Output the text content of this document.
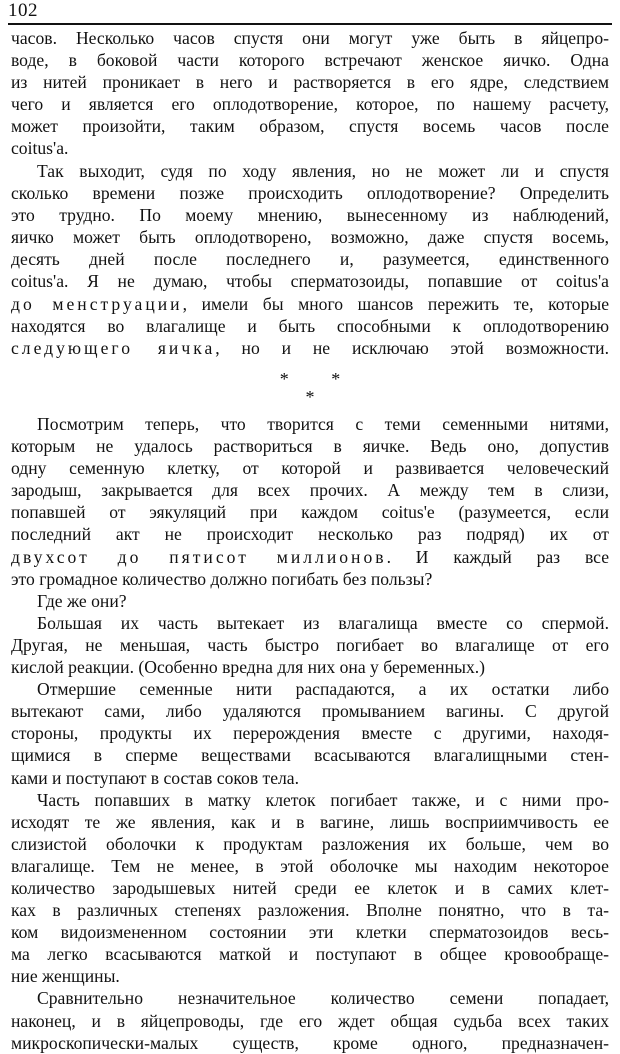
102
часов. Несколько часов спустя они могут уже быть в яйцепро-
воде, в боковой части которого встречают женское яичко. Одна
из нитей проникает в него и растворяется в его ядре, следствием
чего и является его оплодотворение, которое, по нашему расчету,
может произойти, таким образом, спустя восемь часов после
coitus'a.
Так выходит, судя по ходу явления, но не может ли и спустя
сколько времени позже происходить оплодотворение? Определить
это трудно. По моему мнению, вынесенному из наблюдений,
яичко может быть оплодотворено, возможно, даже спустя восемь,
десять дней после последнего и, разумеется, единственного
coitus'a. Я не думаю, чтобы сперматозоиды, попавшие от coitus'a
до менструации, имели бы много шансов пережить те, которые
находятся во влагалище и быть способными к оплодотворению
следующего яичка, но и не исключаю этой возможности.
* *
*
Посмотрим теперь, что творится с теми семенными нитями,
которым не удалось раствориться в яичке. Ведь оно, допустив
одну семенную клетку, от которой и развивается человеческий
зародыш, закрывается для всех прочих. А между тем в слизи,
попавшей от эякуляций при каждом coitus'e (разумеется, если
последний акт не происходит несколько раз подряд) их от
двухсот до пятисот миллионов. И каждый раз все
это громадное количество должно погибать без пользы?
Где же они?
Большая их часть вытекает из влагалища вместе со спермой.
Другая, не меньшая, часть быстро погибает во влагалище от его
кислой реакции. (Особенно вредна для них она у беременных.)
Отмершие семенные нити распадаются, а их остатки либо
вытекают сами, либо удаляются промыванием вагины. С другой
стороны, продукты их перерождения вместе с другими, находя-
щимися в сперме веществами всасываются влагалищными стен-
ками и поступают в состав соков тела.
Часть попавших в матку клеток погибает также, и с ними про-
исходят те же явления, как и в вагине, лишь восприимчивость ее
слизистой оболочки к продуктам разложения их больше, чем во
влагалище. Тем не менее, в этой оболочке мы находим некоторое
количество зародышевых нитей среди ее клеток и в самих клет-
ках в различных степенях разложения. Вполне понятно, что в та-
ком видоизмененном состоянии эти клетки сперматозоидов весь-
ма легко всасываются маткой и поступают в общее кровообраще-
ние женщины.
Сравнительно незначительное количество семени попадает,
наконец, и в яйцепроводы, где его ждет общая судьба всех таких
микроскопически-малых существ, кроме одного, предназначен-
